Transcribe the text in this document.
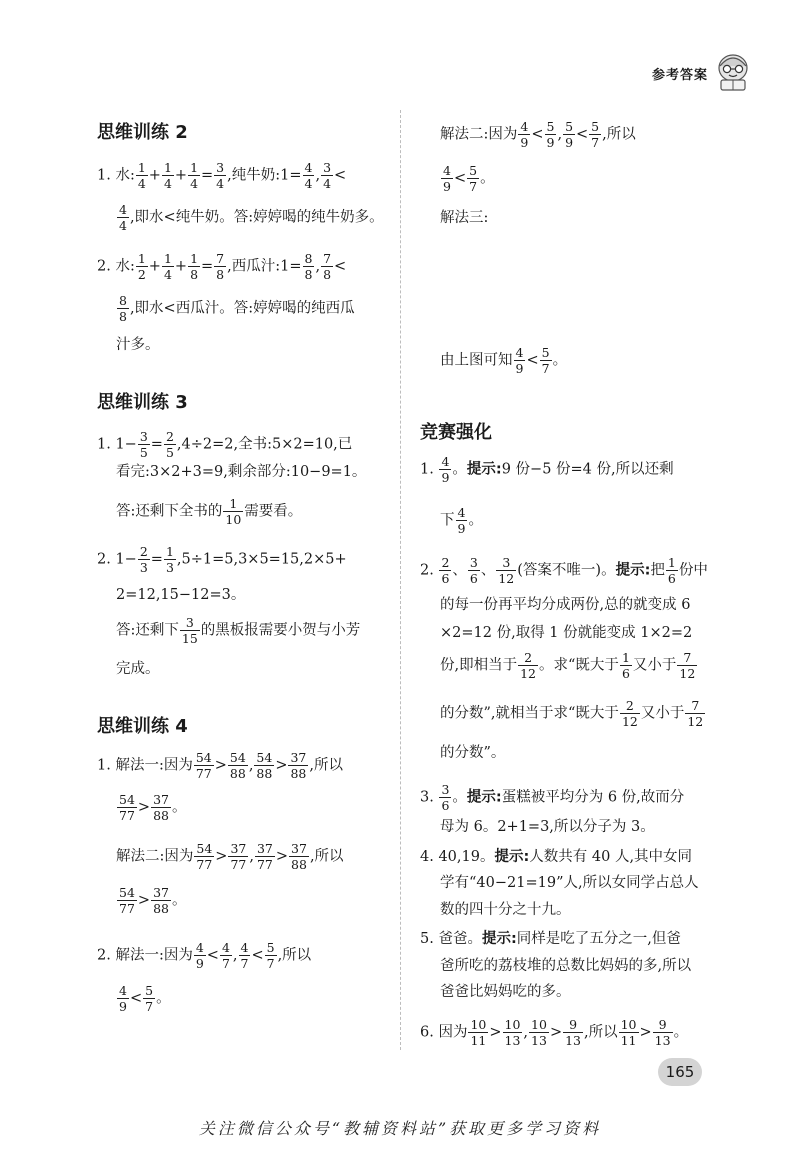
参考答案
思维训练 2
1. 水: $\frac{1}{4} + \frac{1}{4} + \frac{1}{4} = \frac{3}{4}$ ,纯牛奶:1= $\frac{4}{4}$ , $\frac{3}{4}$ <
$\frac{4}{4}$ ,即水<纯牛奶。答:婷婷喝的纯牛奶多。
2. 水: $\frac{1}{2} + \frac{1}{4} + \frac{1}{8} = \frac{7}{8}$ ,西瓜汁:1= $\frac{8}{8}$ , $\frac{7}{8}$ <
$\frac{8}{8}$ ,即水<西瓜汁。答:婷婷喝的纯西瓜
汁多。
思维训练 3
1. $1- \frac{3}{5} = \frac{2}{5} ,4\div 2=2$,全书:5×2=10,已
看完:3×2+3=9,剩余部分:10−9=1。
答:还剩下全书的 $\frac{1}{10}$ 需要看。
2. $1- \frac{2}{3} = \frac{1}{3} ,5\div 1=5,3\times 5=15,2\times 5+$
2=12,15−12=3。
答:还剩下 $\frac{3}{15}$ 的黑板报需要小贺与小芳
完成。
思维训练 4
1. 解法一:因为 $\frac{54}{77} > \frac{54}{88}$ , $\frac{54}{88} > \frac{37}{88}$ ,所以
$\frac{54}{77} > \frac{37}{88}$ 。
解法二:因为 $\frac{54}{77} > \frac{37}{77}$ , $\frac{37}{77} > \frac{37}{88}$ ,所以
$\frac{54}{77} > \frac{37}{88}$ 。
2. 解法一:因为 $\frac{4}{9} < \frac{4}{7}$ , $\frac{4}{7} < \frac{5}{7}$ ,所以
$\frac{4}{9} < \frac{5}{7}$ 。
解法二:因为 $\frac{4}{9} < \frac{5}{9}$ , $\frac{5}{9} < \frac{5}{7}$ ,所以
$\frac{4}{9} < \frac{5}{7}$ 。
解法三:
由上图可知 $\frac{4}{9} < \frac{5}{7}$ 。
竞赛强化
1. $\frac{4}{9}$ 。提示:9 份−5 份=4 份,所以还剩
下 $\frac{4}{9}$ 。
2. $\frac{2}{6}$ 、 $\frac{3}{6}$ 、 $\frac{3}{12}$ (答案不唯一)。提示:把 $\frac{1}{6}$ 份中
的每一份再平均分成两份,总的就变成 6
×2=12 份,取得 1 份就能变成 1×2=2
份,即相当于 $\frac{2}{12}$ 。求“既大于 $\frac{1}{6}$ 又小于 $\frac{7}{12}$
的分数”,就相当于求“既大于 $\frac{2}{12}$ 又小于 $\frac{7}{12}$
的分数”。
3. $\frac{3}{6}$ 。提示:蛋糕被平均分为 6 份,故而分
母为 6。2+1=3,所以分子为 3。
4. 40,19。提示:人数共有 40 人,其中女同
学有“40−21=19”人,所以女同学占总人
数的四十分之十九。
5. 爸爸。提示:同样是吃了五分之一,但爸
爸所吃的荔枝堆的总数比妈妈的多,所以
爸爸比妈妈吃的多。
6. 因为 $\frac{10}{11} > \frac{10}{13}$ , $\frac{10}{13} > \frac{9}{13}$ ,所以 $\frac{10}{11} > \frac{9}{13}$ 。
165
关注微信公众号“教辅资料站”获取更多学习资料
